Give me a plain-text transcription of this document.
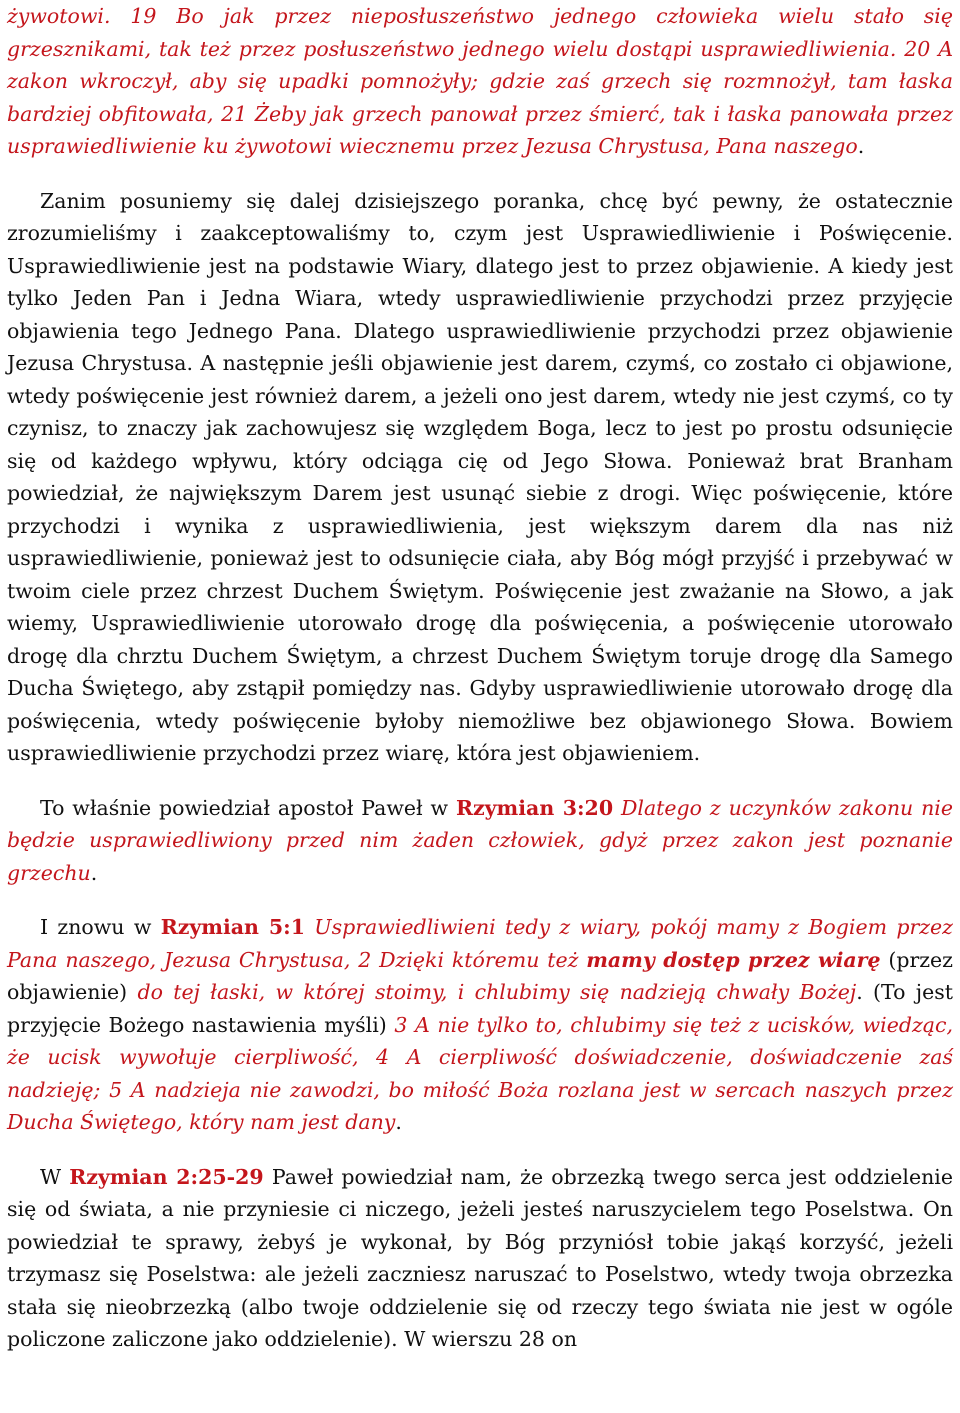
żywotowi. 19 Bo jak przez nieposłuszeństwo jednego człowieka wielu stało się grzesznikami, tak też przez posłuszeństwo jednego wielu dostąpi usprawiedliwienia. 20 A zakon wkroczył, aby się upadki pomnożyły; gdzie zaś grzech się rozmnożył, tam łaska bardziej obfitowała, 21 Żeby jak grzech panował przez śmierć, tak i łaska panowała przez usprawiedliwienie ku żywotowi wiecznemu przez Jezusa Chrystusa, Pana naszego.

Zanim posuniemy się dalej dzisiejszego poranka, chcę być pewny, że ostatecznie zrozumieliśmy i zaakceptowaliśmy to, czym jest Usprawiedliwienie i Poświęcenie. Usprawiedliwienie jest na podstawie Wiary, dlatego jest to przez objawienie. A kiedy jest tylko Jeden Pan i Jedna Wiara, wtedy usprawiedliwienie przychodzi przez przyjęcie objawienia tego Jednego Pana. Dlatego usprawiedliwienie przychodzi przez objawienie Jezusa Chrystusa. A następnie jeśli objawienie jest darem, czymś, co zostało ci objawione, wtedy poświęcenie jest również darem, a jeżeli ono jest darem, wtedy nie jest czymś, co ty czynisz, to znaczy jak zachowujesz się względem Boga, lecz to jest po prostu odsunięcie się od każdego wpływu, który odciąga cię od Jego Słowa. Ponieważ brat Branham powiedział, że największym Darem jest usunąć siebie z drogi. Więc poświęcenie, które przychodzi i wynika z usprawiedliwienia, jest większym darem dla nas niż usprawiedliwienie, ponieważ jest to odsunięcie ciała, aby Bóg mógł przyjść i przebywać w twoim ciele przez chrzest Duchem Świętym. Poświęcenie jest zważanie na Słowo, a jak wiemy, Usprawiedliwienie utorowało drogę dla poświęcenia, a poświęcenie utorowało drogę dla chrztu Duchem Świętym, a chrzest Duchem Świętym toruje drogę dla Samego Ducha Świętego, aby zstąpił pomiędzy nas. Gdyby usprawiedliwienie utorowało drogę dla poświęcenia, wtedy poświęcenie byłoby niemożliwe bez objawionego Słowa. Bowiem usprawiedliwienie przychodzi przez wiarę, która jest objawieniem.

To właśnie powiedział apostoł Paweł w Rzymian 3:20 Dlatego z uczynków zakonu nie będzie usprawiedliwiony przed nim żaden człowiek, gdyż przez zakon jest poznanie grzechu.

I znowu w Rzymian 5:1 Usprawiedliwieni tedy z wiary, pokój mamy z Bogiem przez Pana naszego, Jezusa Chrystusa, 2 Dzięki któremu też mamy dostęp przez wiarę (przez objawienie) do tej łaski, w której stoimy, i chlubimy się nadzieją chwały Bożej. (To jest przyjęcie Bożego nastawienia myśli) 3 A nie tylko to, chlubimy się też z ucisków, wiedząc, że ucisk wywołuje cierpliwość, 4 A cierpliwość doświadczenie, doświadczenie zaś nadzieję; 5 A nadzieja nie zawodzi, bo miłość Boża rozlana jest w sercach naszych przez Ducha Świętego, który nam jest dany.

W Rzymian 2:25-29 Paweł powiedział nam, że obrzezką twego serca jest oddzielenie się od świata, a nie przyniesie ci niczego, jeżeli jesteś naruszycielem tego Poselstwa. On powiedział te sprawy, żebyś je wykonał, by Bóg przyniósł tobie jakąś korzyść, jeżeli trzymasz się Poselstwa: ale jeżeli zaczniesz naruszać to Poselstwo, wtedy twoja obrzezka stała się nieobrzezką (albo twoje oddzielenie się od rzeczy tego świata nie jest w ogóle policzone zaliczone jako oddzielenie). W wierszu 28 on
